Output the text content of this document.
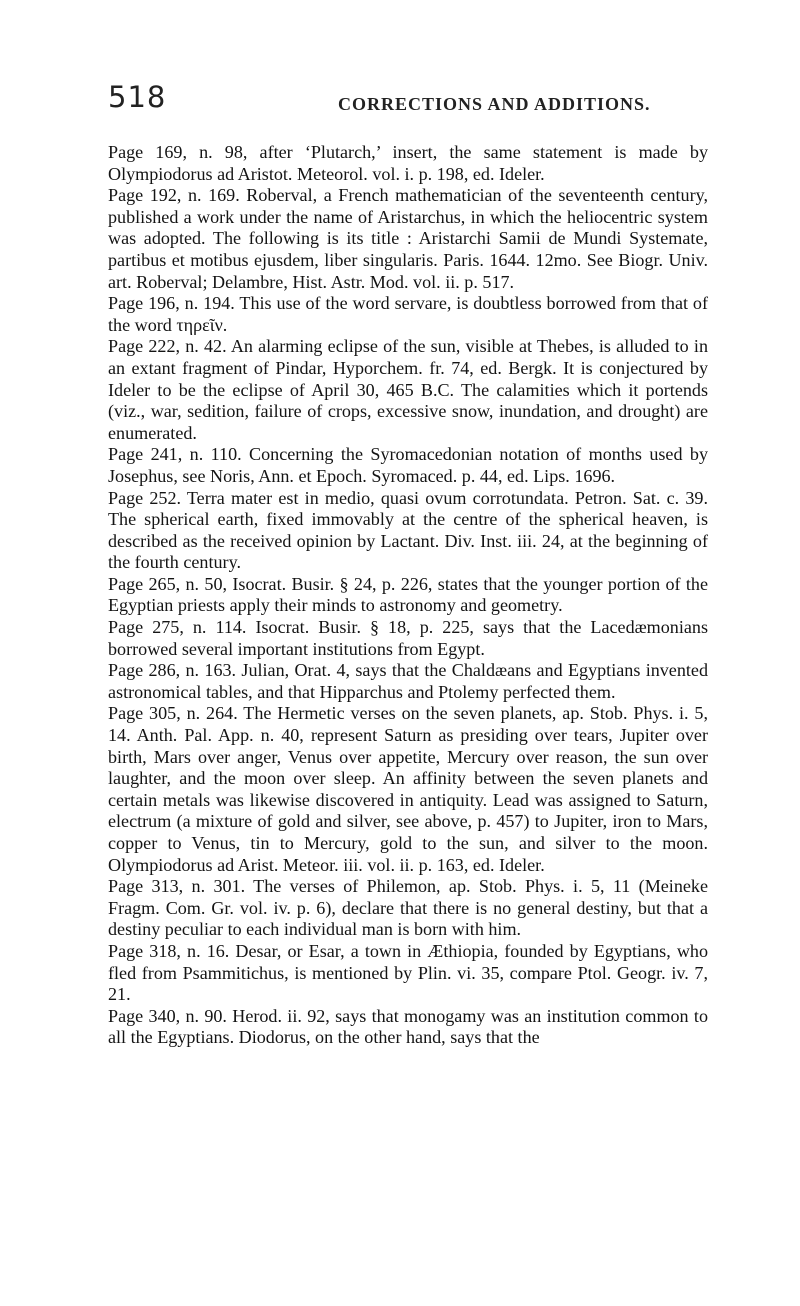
518	CORRECTIONS AND ADDITIONS.

Page 169, n. 98, after ‘Plutarch,’ insert, the same statement is made by Olympiodorus ad Aristot. Meteorol. vol. i. p. 198, ed. Ideler.

Page 192, n. 169. Roberval, a French mathematician of the seventeenth century, published a work under the name of Aristarchus, in which the heliocentric system was adopted. The following is its title : Aristarchi Samii de Mundi Systemate, partibus et motibus ejusdem, liber singularis. Paris. 1644. 12mo. See Biogr. Univ. art. Roberval; Delambre, Hist. Astr. Mod. vol. ii. p. 517.

Page 196, n. 194. This use of the word servare, is doubtless borrowed from that of the word τηρεῖν.

Page 222, n. 42. An alarming eclipse of the sun, visible at Thebes, is alluded to in an extant fragment of Pindar, Hyporchem. fr. 74, ed. Bergk. It is conjectured by Ideler to be the eclipse of April 30, 465 B.C. The calamities which it portends (viz., war, sedition, failure of crops, excessive snow, inundation, and drought) are enumerated.

Page 241, n. 110. Concerning the Syromacedonian notation of months used by Josephus, see Noris, Ann. et Epoch. Syromaced. p. 44, ed. Lips. 1696.

Page 252. Terra mater est in medio, quasi ovum corrotundata. Petron. Sat. c. 39. The spherical earth, fixed immovably at the centre of the spherical heaven, is described as the received opinion by Lactant. Div. Inst. iii. 24, at the beginning of the fourth century.

Page 265, n. 50, Isocrat. Busir. § 24, p. 226, states that the younger portion of the Egyptian priests apply their minds to astronomy and geometry.

Page 275, n. 114. Isocrat. Busir. § 18, p. 225, says that the Lacedæmonians borrowed several important institutions from Egypt.

Page 286, n. 163. Julian, Orat. 4, says that the Chaldæans and Egyptians invented astronomical tables, and that Hipparchus and Ptolemy perfected them.

Page 305, n. 264. The Hermetic verses on the seven planets, ap. Stob. Phys. i. 5, 14. Anth. Pal. App. n. 40, represent Saturn as presiding over tears, Jupiter over birth, Mars over anger, Venus over appetite, Mercury over reason, the sun over laughter, and the moon over sleep. An affinity between the seven planets and certain metals was likewise discovered in antiquity. Lead was assigned to Saturn, electrum (a mixture of gold and silver, see above, p. 457) to Jupiter, iron to Mars, copper to Venus, tin to Mercury, gold to the sun, and silver to the moon. Olympiodorus ad Arist. Meteor. iii. vol. ii. p. 163, ed. Ideler.

Page 313, n. 301. The verses of Philemon, ap. Stob. Phys. i. 5, 11 (Meineke Fragm. Com. Gr. vol. iv. p. 6), declare that there is no general destiny, but that a destiny peculiar to each individual man is born with him.

Page 318, n. 16. Desar, or Esar, a town in Æthiopia, founded by Egyptians, who fled from Psammitichus, is mentioned by Plin. vi. 35, compare Ptol. Geogr. iv. 7, 21.

Page 340, n. 90. Herod. ii. 92, says that monogamy was an institution common to all the Egyptians. Diodorus, on the other hand, says that the
